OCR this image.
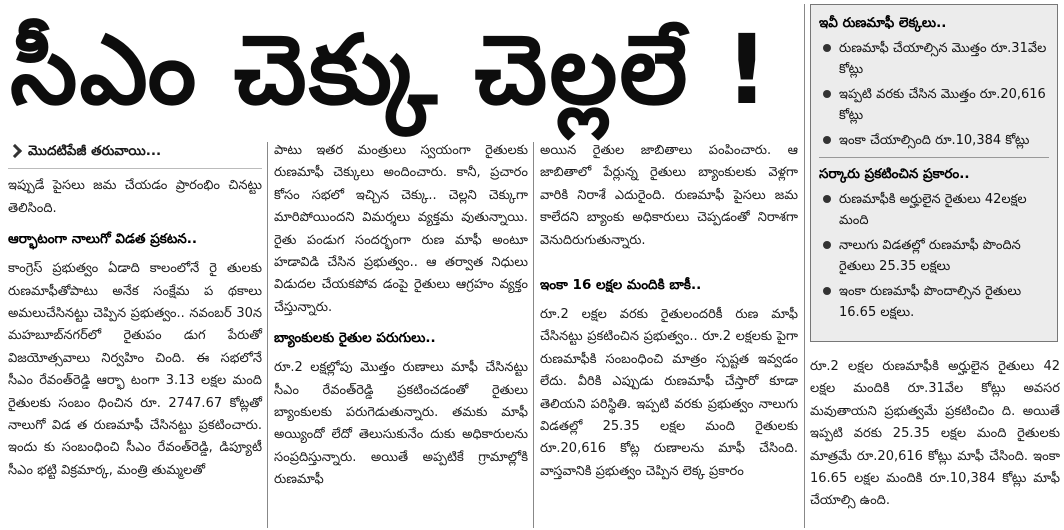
సీఎం చెక్కు చెల్లలే !
మొదటిపేజీ తరువాయి...

ఇప్పుడే పైసలు జమ చేయడం ప్రారంభిం చినట్టు తెలిసింది.

ఆర్భాటంగా నాలుగో విడత ప్రకటన..

కాంగ్రెస్ ప్రభుత్వం ఏడాది కాలంలోనే రై తులకు రుణమాఫీతోపాటు అనేక సంక్షేమ ప థకాలు అమలుచేసినట్టు చెప్పిన ప్రభుత్వం.. నవంబర్ 30న మహబూబ్‌నగర్‌లో రైతుపం డుగ పేరుతో విజయోత్సవాలు నిర్వహిం చింది. ఈ సభలోనే సీఎం రేవంత్‌రెడ్డి ఆర్భా టంగా 3.13 లక్షల మంది రైతులకు సంబం ధించిన రూ. 2747.67 కోట్లతో నాలుగో విడ త రుణమాఫీ చేసినట్టు ప్రకటించారు. ఇందు కు సంబంధించి సీఎం రేవంత్‌రెడ్డి, డిప్యూటీ సీఎం భట్టి విక్రమార్క, మంత్రి తుమ్మలతో

పాటు ఇతర మంత్రులు స్వయంగా రైతులకు రుణమాఫీ చెక్కులు అందించారు. కానీ, ప్రచారం కోసం సభలో ఇచ్చిన చెక్కు.. చెల్లని చెక్కుగా మారిపోయిందని విమర్శలు వ్యక్తమ వుతున్నాయి. రైతు పండుగ సందర్భంగా రుణ మాఫీ అంటూ హడావిడి చేసిన ప్రభుత్వం.. ఆ తర్వాత నిధులు విడుదల చేయకపోవ డంపై రైతులు ఆగ్రహం వ్యక్తం చేస్తున్నారు.

బ్యాంకులకు రైతుల పరుగులు..

రూ.2 లక్షల్లోపు మొత్తం రుణాలు మాఫీ చేసినట్టు సీఎం రేవంత్‌రెడ్డి ప్రకటించడంతో రైతులు బ్యాంకులకు పరుగెడుతున్నారు. తమకు మాఫీ అయ్యిందో లేదో తెలుసుకునేం దుకు అధికారులను సంప్రదిస్తున్నారు. అయితే అప్పటికే గ్రామాల్లోకి రుణమాఫీ

అయిన రైతుల జాబితాలు పంపించారు. ఆ జాబితాలో పేర్లున్న రైతులు బ్యాంకులకు వెళ్లగా వారికి నిరాశే ఎదురైంది. రుణమాఫీ పైసలు జమ కాలేదని బ్యాంకు అధికారులు చెప్పడంతో నిరాశగా వెనుదిరుగుతున్నారు.

ఇంకా 16 లక్షల మందికి బాకీ..

రూ.2 లక్షల వరకు రైతులందరికీ రుణ మాఫీ చేసినట్టు ప్రకటించిన ప్రభుత్వం.. రూ.2 లక్షలకు పైగా రుణమాఫీకి సంబంధించి మాత్రం స్పష్టత ఇవ్వడం లేదు. వీరికి ఎప్పుడు రుణమాఫీ చేస్తారో కూడా తెలియని పరిస్థితి. ఇప్పటి వరకు ప్రభుత్వం నాలుగు విడతల్లో 25.35 లక్షల మంది రైతులకు రూ.20,616 కోట్ల రుణాలను మాఫీ చేసింది. వాస్తవానికి ప్రభుత్వం చెప్పిన లెక్క ప్రకారం

ఇవీ రుణమాఫీ లెక్కలు..
రుణమాఫీ చేయాల్సిన మొత్తం రూ.31వేల కోట్లు
ఇప్పటి వరకు చేసిన మొత్తం రూ.20,616 కోట్లు
ఇంకా చేయాల్సింది రూ.10,384 కోట్లు
సర్కారు ప్రకటించిన ప్రకారం..
రుణమాఫీకి అర్హులైన రైతులు 42లక్షల మంది
నాలుగు విడతల్లో రుణమాఫీ పొందిన రైతులు 25.35 లక్షలు
ఇంకా రుణమాఫీ పొందాల్సిన రైతులు 16.65 లక్షలు.

రూ.2 లక్షల రుణమాఫీకి అర్హులైన రైతులు 42 లక్షల మందికి రూ.31వేల కోట్లు అవసర మవుతాయని ప్రభుత్వమే ప్రకటించిం ది. అయితే ఇప్పటి వరకు 25.35 లక్షల మంది రైతులకు మాత్రమే రూ.20,616 కోట్లు మాఫీ చేసింది. ఇంకా 16.65 లక్షల మందికి రూ.10,384 కోట్లు మాఫీ చేయాల్సి ఉంది.
